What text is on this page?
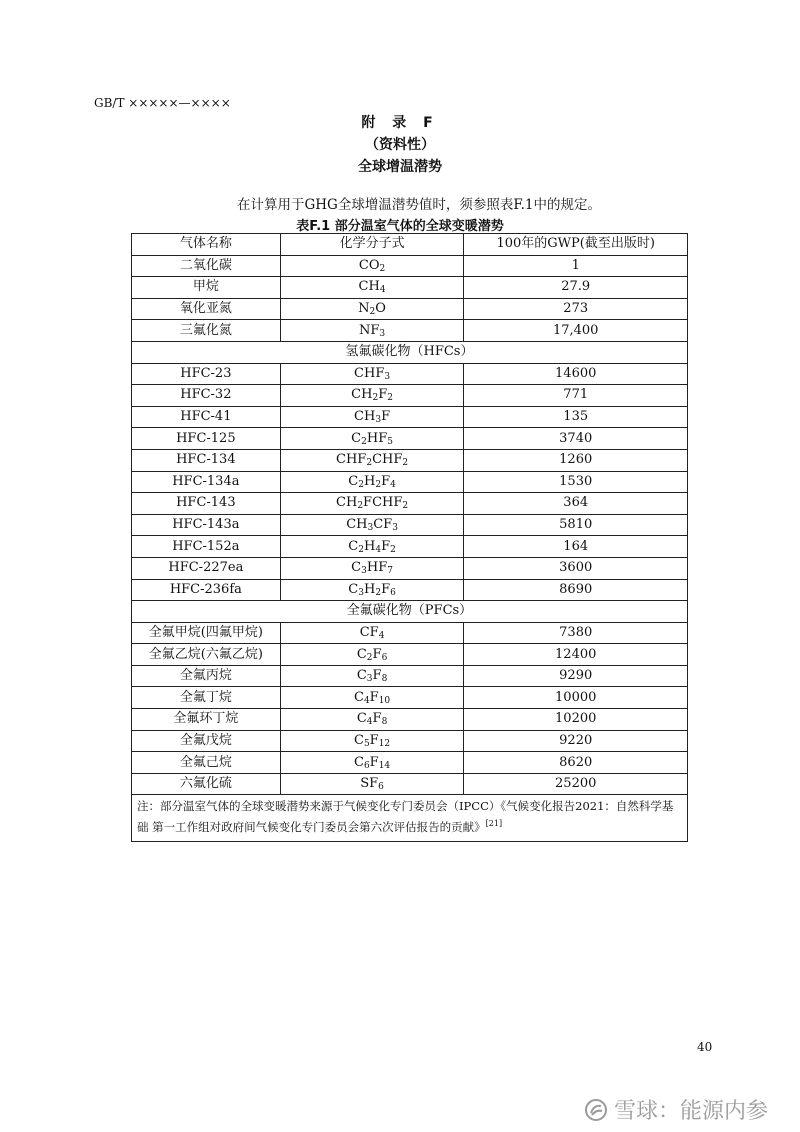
GB/T ×××××—××××
附 录 F
（资料性）
全球增温潜势
在计算用于GHG全球增温潜势值时，须参照表F.1中的规定。
表F.1 部分温室气体的全球变暖潜势
气体名称	化学分子式	100年的GWP(截至出版时)
二氧化碳	$CO_2$	1
甲烷	$CH_4$	27.9
氧化亚氮	$N_2O$	273
三氟化氮	$NF_3$	17,400
氢氟碳化物（HFCs）		
HFC-23	$CHF_3$	14600
HFC-32	$CH_2F_2$	771
HFC-41	$CH_3F$	135
HFC-125	$C_2HF_5$	3740
HFC-134	$CHF_2CHF_2$	1260
HFC-134a	$C_2H_2F_4$	1530
HFC-143	$CH_2FCHF_2$	364
HFC-143a	$CH_3CF_3$	5810
HFC-152a	$C_2H_4F_2$	164
HFC-227ea	$C_3HF_7$	3600
HFC-236fa	$C_3H_2F_6$	8690
全氟碳化物（PFCs）		
全氟甲烷(四氟甲烷)	$CF_4$	7380
全氟乙烷(六氟乙烷)	$C_2F_6$	12400
全氟丙烷	$C_3F_8$	9290
全氟丁烷	$C_4F_{10}$	10000
全氟环丁烷	$C_4F_8$	10200
全氟戊烷	$C_5F_{12}$	9220
全氟己烷	$C_6F_{14}$	8620
六氟化硫	$SF_6$	25200
注：部分温室气体的全球变暖潜势来源于气候变化专门委员会（IPCC）《气候变化报告2021：自然科学基础 第一工作组对政府间气候变化专门委员会第六次评估报告的贡献》[21]
40
雪球：能源内参
